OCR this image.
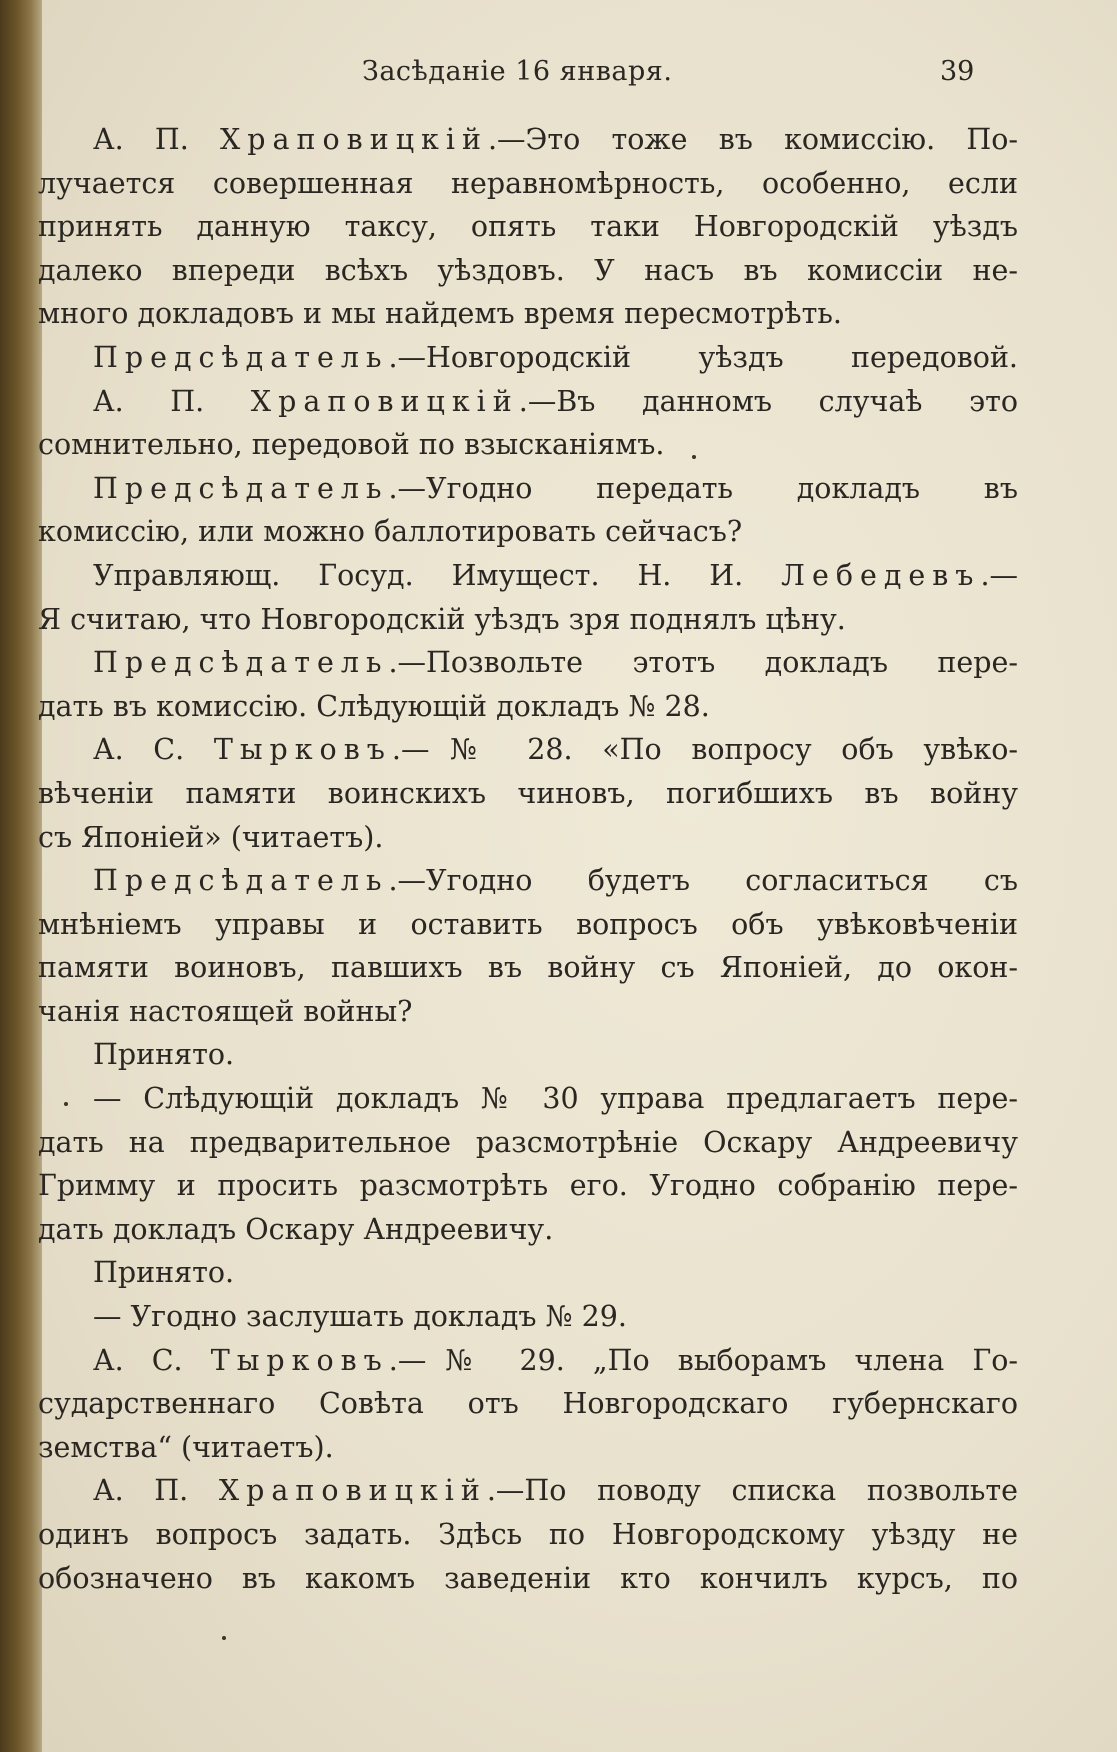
Засѣданіе 16 января.	39
А. П. Храповицкій.—Это тоже въ комиссію. По-
лучается совершенная неравномѣрность, особенно, если
принять данную таксу, опять таки Новгородскій уѣздъ
далеко впереди всѣхъ уѣздовъ. У насъ въ комиссіи не-
много докладовъ и мы найдемъ время пересмотрѣть.
Предсѣдатель.—Новгородскій уѣздъ передовой.
А. П. Храповицкій.—Въ данномъ случаѣ это
сомнительно, передовой по взысканіямъ.
Предсѣдатель.—Угодно передать докладъ въ
комиссію, или можно баллотировать сейчасъ?
Управляющ. Госуд. Имущест. Н. И. Лебедевъ.—
Я считаю, что Новгородскій уѣздъ зря поднялъ цѣну.
Предсѣдатель.—Позвольте этотъ докладъ пере-
дать въ комиссію. Слѣдующій докладъ № 28.
А. С. Тырковъ.—№ 28. «По вопросу объ увѣко-
вѣченіи памяти воинскихъ чиновъ, погибшихъ въ войну
съ Японіей» (читаетъ).
Предсѣдатель.—Угодно будетъ согласиться съ
мнѣніемъ управы и оставить вопросъ объ увѣковѣченіи
памяти воиновъ, павшихъ въ войну съ Японіей, до окон-
чанія настоящей войны?
Принято.
— Слѣдующій докладъ № 30 управа предлагаетъ пере-
дать на предварительное разсмотрѣніе Оскару Андреевичу
Гримму и просить разсмотрѣть его. Угодно собранію пере-
дать докладъ Оскару Андреевичу.
Принято.
— Угодно заслушать докладъ № 29.
А. С. Тырковъ.—№ 29. „По выборамъ члена Го-
сударственнаго Совѣта отъ Новгородскаго губернскаго
земства“ (читаетъ).
А. П. Храповицкій.—По поводу списка позвольте
одинъ вопросъ задать. Здѣсь по Новгородскому уѣзду не
обозначено въ какомъ заведеніи кто кончилъ курсъ, по
